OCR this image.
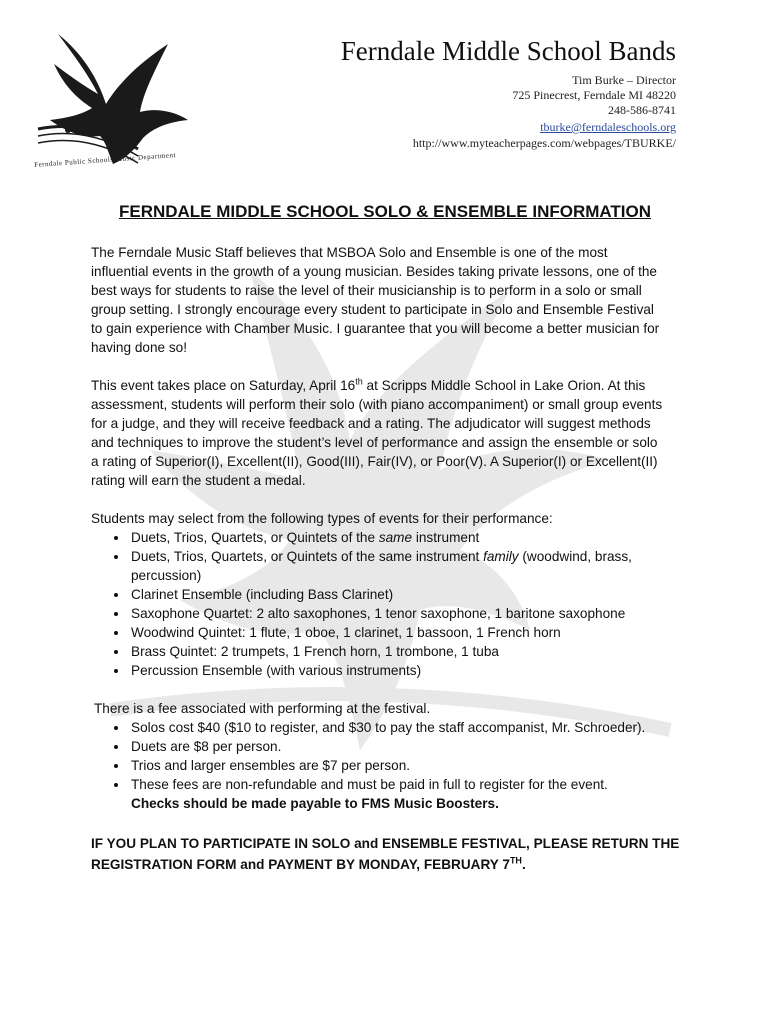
Ferndale Public Schools Music Department
Ferndale Middle School Bands
Tim Burke – Director
725 Pinecrest, Ferndale MI 48220
248-586-8741
tburke@ferndaleschools.org
http://www.myteacherpages.com/webpages/TBURKE/
FERNDALE MIDDLE SCHOOL SOLO & ENSEMBLE INFORMATION

The Ferndale Music Staff believes that MSBOA Solo and Ensemble is one of the most influential events in the growth of a young musician. Besides taking private lessons, one of the best ways for students to raise the level of their musicianship is to perform in a solo or small group setting. I strongly encourage every student to participate in Solo and Ensemble Festival to gain experience with Chamber Music. I guarantee that you will become a better musician for having done so!

This event takes place on Saturday, April 16th at Scripps Middle School in Lake Orion. At this assessment, students will perform their solo (with piano accompaniment) or small group events for a judge, and they will receive feedback and a rating. The adjudicator will suggest methods and techniques to improve the student’s level of performance and assign the ensemble or solo a rating of Superior(I), Excellent(II), Good(III), Fair(IV), or Poor(V). A Superior(I) or Excellent(II) rating will earn the student a medal.

Students may select from the following types of events for their performance:
• Duets, Trios, Quartets, or Quintets of the same instrument
• Duets, Trios, Quartets, or Quintets of the same instrument family (woodwind, brass, percussion)
• Clarinet Ensemble (including Bass Clarinet)
• Saxophone Quartet: 2 alto saxophones, 1 tenor saxophone, 1 baritone saxophone
• Woodwind Quintet: 1 flute, 1 oboe, 1 clarinet, 1 bassoon, 1 French horn
• Brass Quintet: 2 trumpets, 1 French horn, 1 trombone, 1 tuba
• Percussion Ensemble (with various instruments)

There is a fee associated with performing at the festival.

• Solos cost $40 ($10 to register, and $30 to pay the staff accompanist, Mr. Schroeder).
• Duets are $8 per person.
• Trios and larger ensembles are $7 per person.
• These fees are non-refundable and must be paid in full to register for the event.
Checks should be made payable to FMS Music Boosters.
IF YOU PLAN TO PARTICIPATE IN SOLO and ENSEMBLE FESTIVAL, PLEASE RETURN THE REGISTRATION FORM and PAYMENT BY MONDAY, FEBRUARY 7TH.
